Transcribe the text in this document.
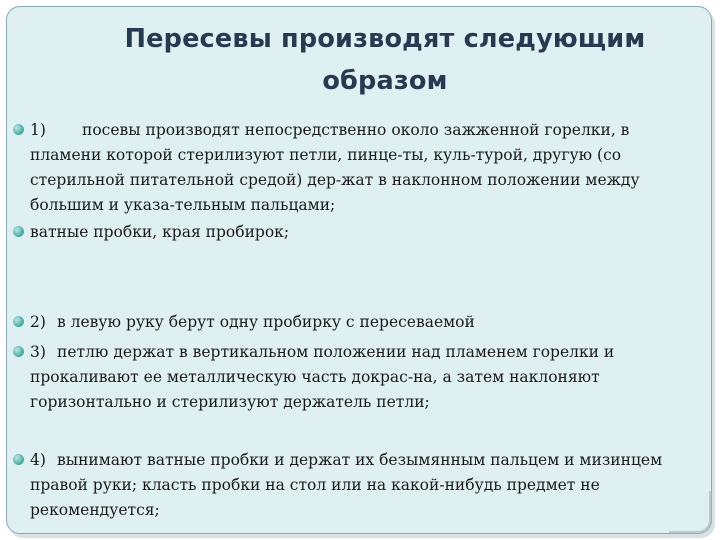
Пересевы производят следующим образом
1) посевы производят непосредственно около зажженной горелки, в пламени которой стерилизуют петли, пинце-ты, куль-турой, другую (со стерильной питательной средой) дер-жат в наклонном положении между большим и указа-тельным пальцами;
ватные пробки, края пробирок;
2) в левую руку берут одну пробирку с пересеваемой
3) петлю держат в вертикальном положении над пламенем горелки и прокаливают ее металлическую часть докрас-на, а затем наклоняют горизонтально и стерилизуют держатель петли;
4) вынимают ватные пробки и держат их безымянным пальцем и мизинцем правой руки; класть пробки на стол или на какой-нибудь предмет не рекомендуется;
